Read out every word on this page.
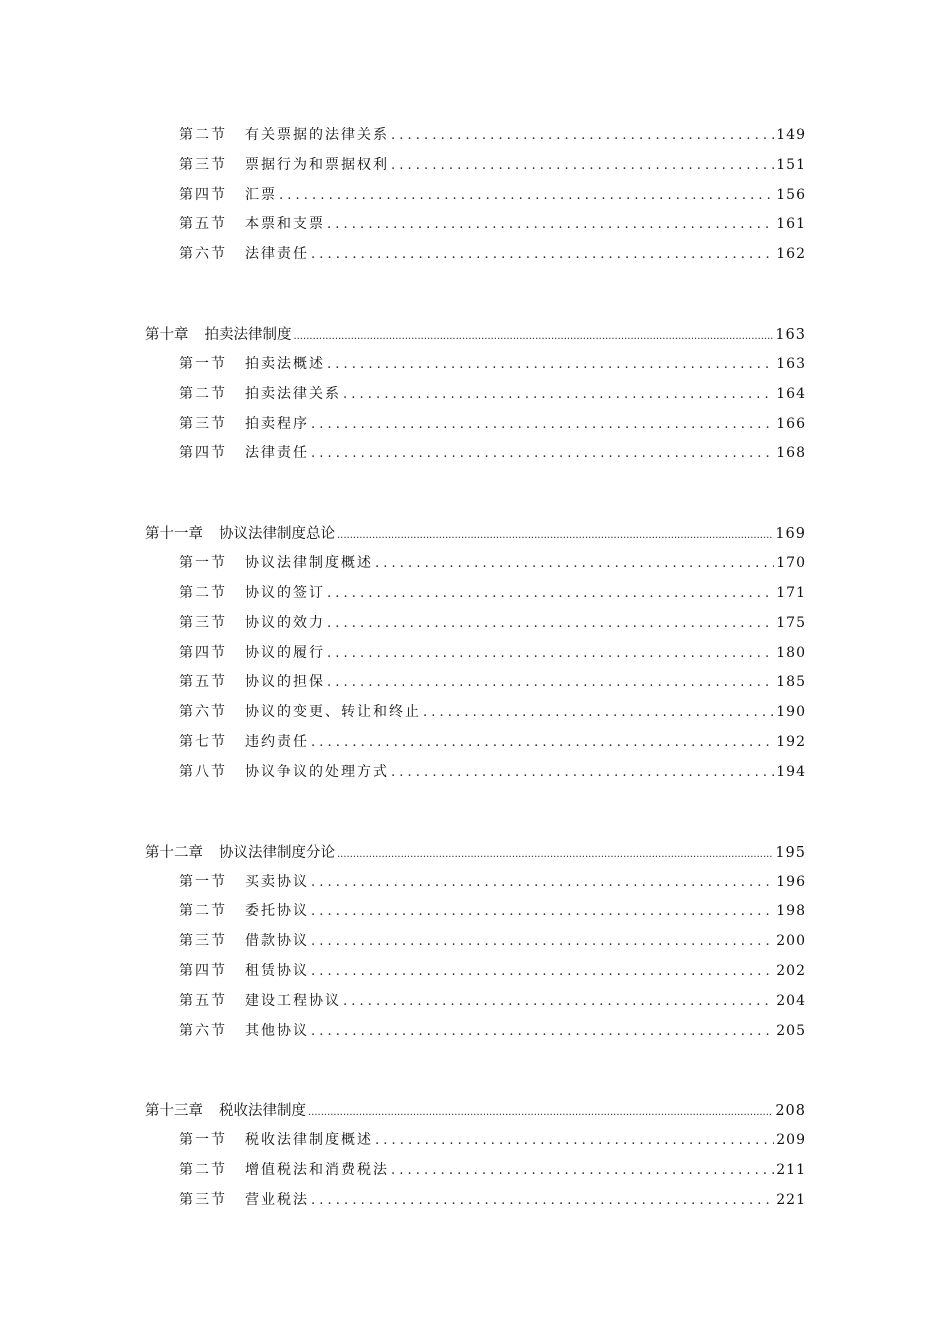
第二节	有关票据的法律关系 . . .	149
第三节	票据行为和票据权利 . . .	151
第四节	汇票 . . .	156
第五节	本票和支票 . . .	161
第六节	法律责任 . . .	162
第十章 拍卖法律制度 .....	163
第一节	拍卖法概述 . . .	163
第二节	拍卖法律关系 . . .	164
第三节	拍卖程序 . . .	166
第四节	法律责任 . . .	168
第十一章 协议法律制度总论 .....	169
第一节	协议法律制度概述 . . .	170
第二节	协议的签订 . . .	171
第三节	协议的效力 . . .	175
第四节	协议的履行 . . .	180
第五节	协议的担保 . . .	185
第六节	协议的变更、转让和终止 . . .	190
第七节	违约责任 . . .	192
第八节	协议争议的处理方式 . . .	194
第十二章 协议法律制度分论 .....	195
第一节	买卖协议 . . .	196
第二节	委托协议 . . .	198
第三节	借款协议 . . .	200
第四节	租赁协议 . . .	202
第五节	建设工程协议 . . .	204
第六节	其他协议 . . .	205
第十三章 税收法律制度 .....	208
第一节	税收法律制度概述 . . .	209
第二节	增值税法和消费税法 . . .	211
第三节	营业税法 . . .	221
